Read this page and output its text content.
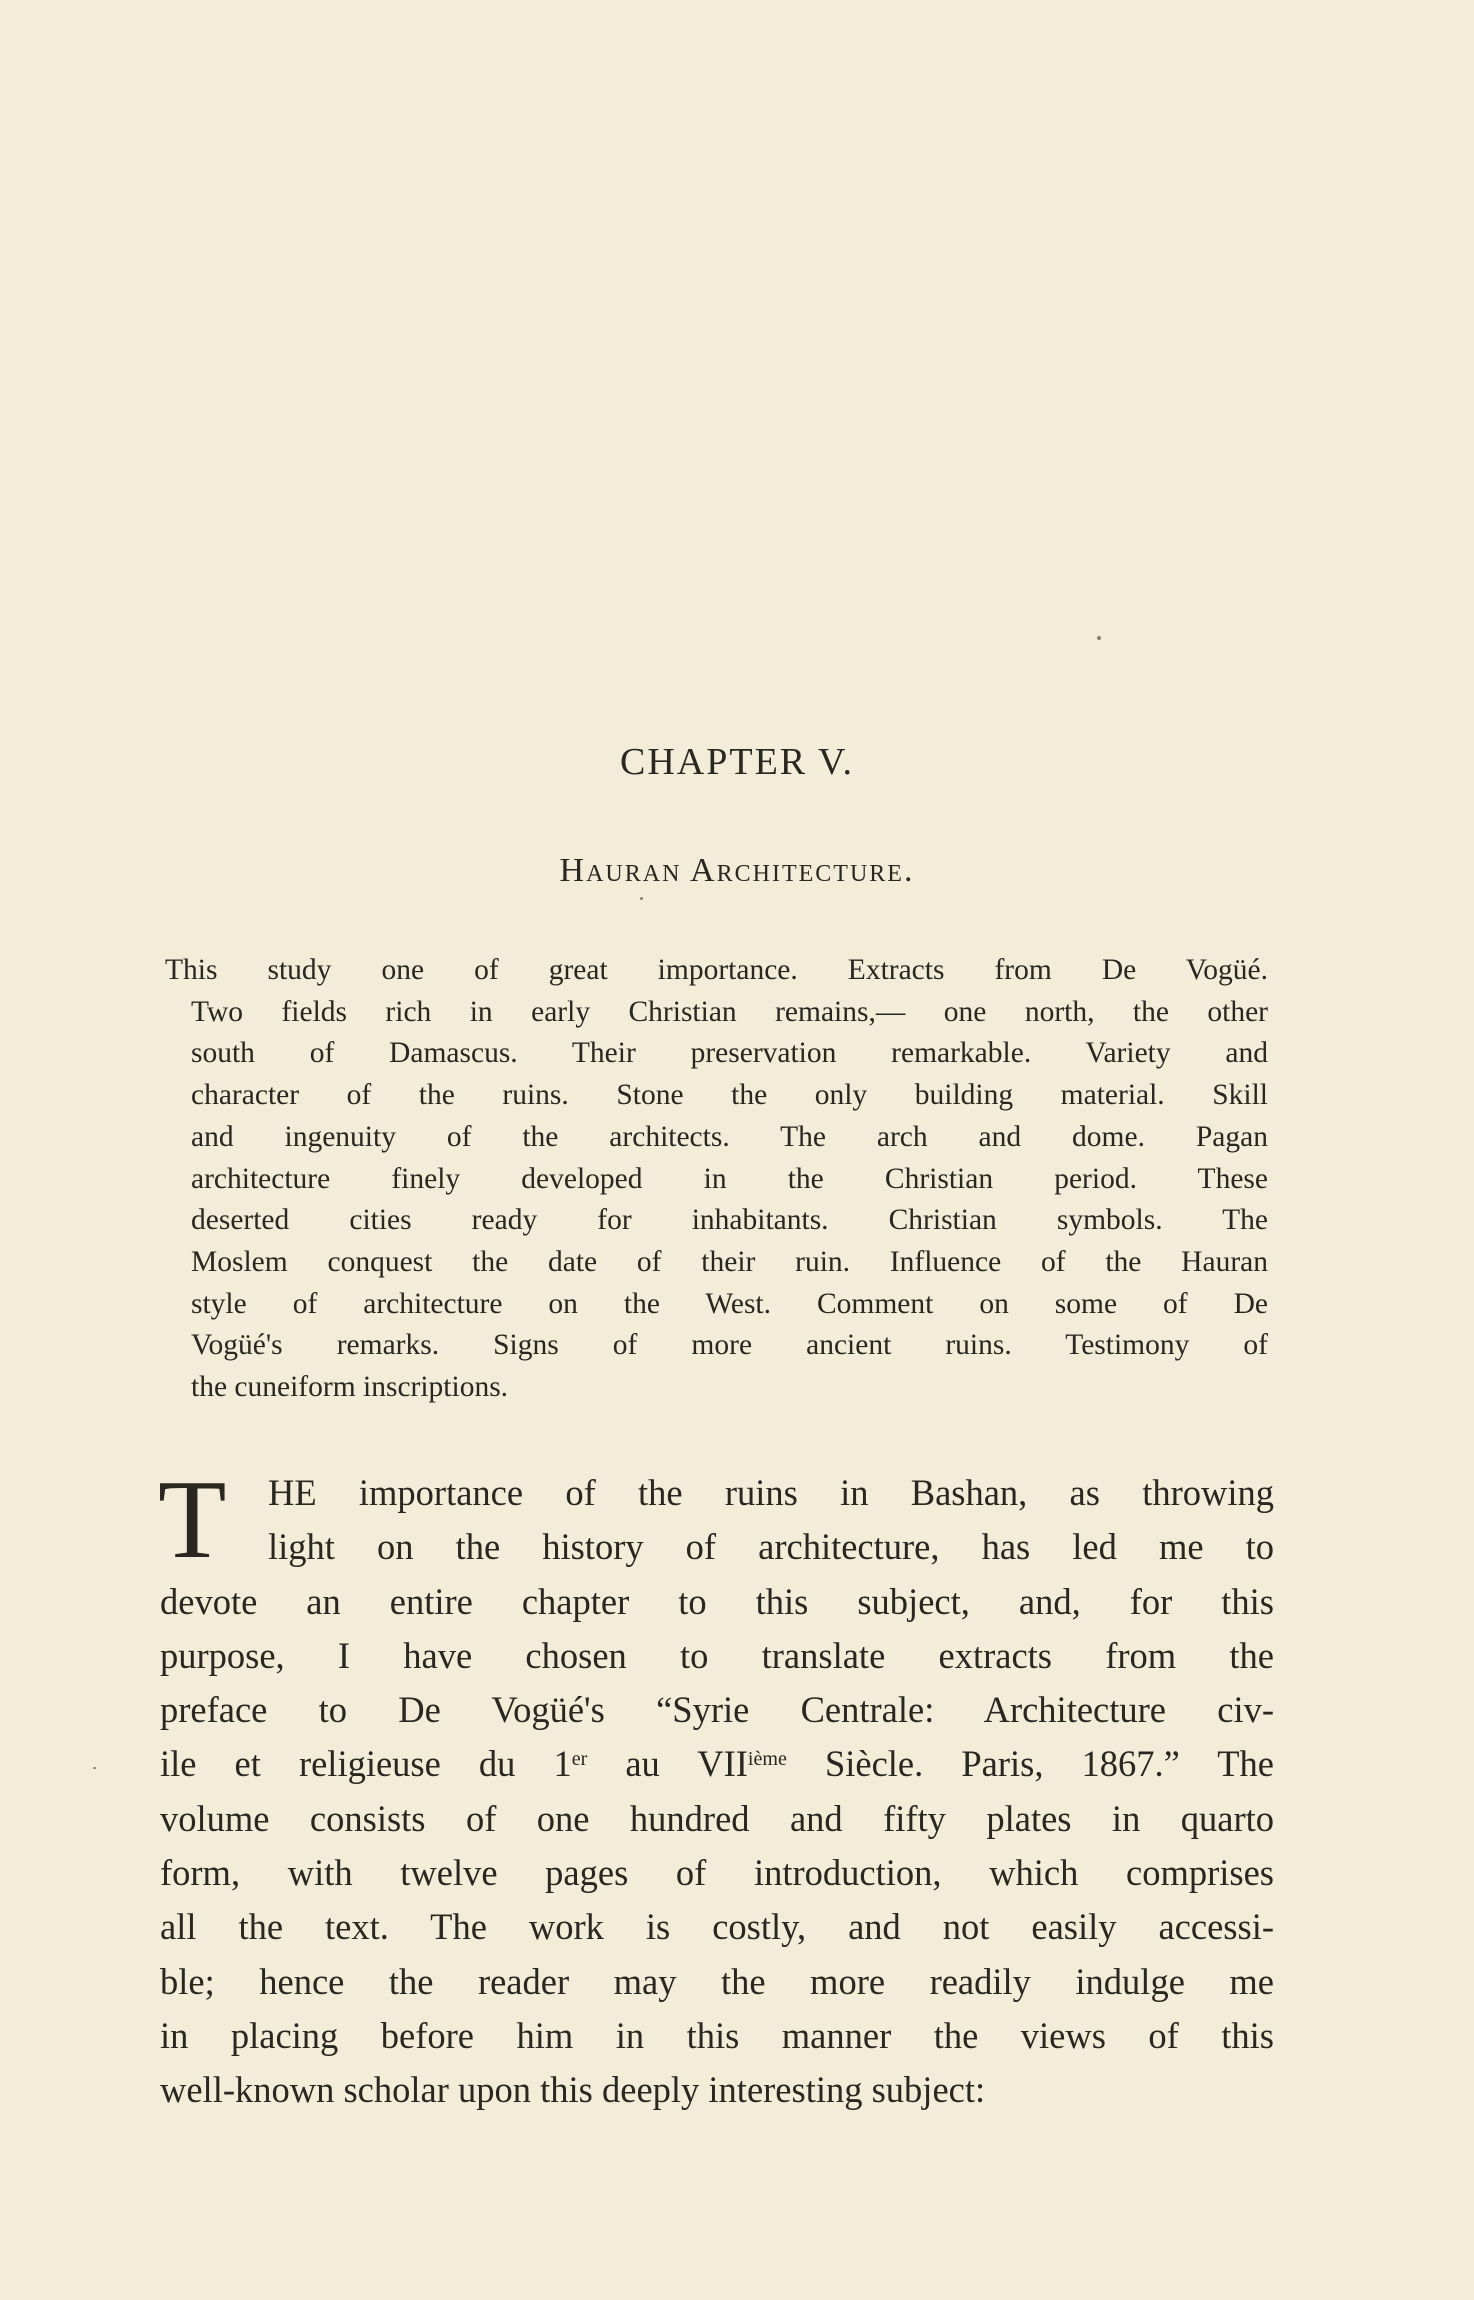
CHAPTER V.
Hauran Architecture.
This study one of great importance. Extracts from De Vogüé.
Two fields rich in early Christian remains,— one north, the other
south of Damascus. Their preservation remarkable. Variety and
character of the ruins. Stone the only building material. Skill
and ingenuity of the architects. The arch and dome. Pagan
architecture finely developed in the Christian period. These
deserted cities ready for inhabitants. Christian symbols. The
Moslem conquest the date of their ruin. Influence of the Hauran
style of architecture on the West. Comment on some of De
Vogüé's remarks. Signs of more ancient ruins. Testimony of
the cuneiform inscriptions.
T	HE importance of the ruins in Bashan, as throwing
light on the history of architecture, has led me to
devote an entire chapter to this subject, and, for this
purpose, I have chosen to translate extracts from the
preface to De Vogüé's “Syrie Centrale: Architecture civ-
ile et religieuse du 1er au VIIième Siècle. Paris, 1867.” The
volume consists of one hundred and fifty plates in quarto
form, with twelve pages of introduction, which comprises
all the text. The work is costly, and not easily accessi-
ble; hence the reader may the more readily indulge me
in placing before him in this manner the views of this
well-known scholar upon this deeply interesting subject:
